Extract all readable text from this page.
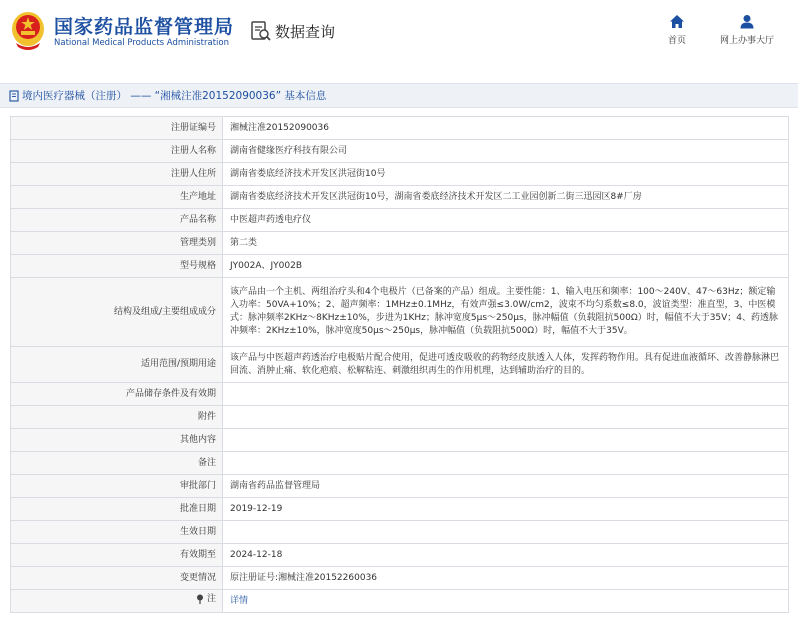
国家药品监督管理局
National Medical Products Administration
数据查询
首页	网上办事大厅
境内医疗器械（注册） —— “湘械注准20152090036” 基本信息
注册证编号	湘械注准20152090036
注册人名称	湖南省健缘医疗科技有限公司
注册人住所	湖南省娄底经济技术开发区洪冠街10号
生产地址	湖南省娄底经济技术开发区洪冠街10号，湖南省娄底经济技术开发区二工业园创新二街三迅园区8#厂房
产品名称	中医超声药透电疗仪
管理类别	第二类
型号规格	JY002A、JY002B
结构及组成/主要组成成分	该产品由一个主机、两组治疗头和4个电极片（已备案的产品）组成。主要性能：1、输入电压和频率：100～240V、47～63Hz；额定输入功率：50VA+10%；2、超声频率：1MHz±0.1MHz，有效声强≤3.0W/cm2，波束不均匀系数≤8.0，波谊类型：准直型，3、中医模式：脉冲频率2KHz～8KHz±10%，步进为1KHz；脉冲宽度5μs～250μs，脉冲幅值（负载阻抗500Ω）时，幅值不大于35V；4、药透脉冲频率：2KHz±10%，脉冲宽度50μs～250μs，脉冲幅值（负载阻抗500Ω）时，幅值不大于35V。
适用范围/预期用途	该产品与中医超声药透治疗电极贴片配合使用，促进可透皮吸收的药物经皮肤透入人体，发挥药物作用。具有促进血液循环、改善静脉淋巴回流、消肿止痛、软化疤痕、松解粘连、刺激组织再生的作用机理，达到辅助治疗的目的。
产品储存条件及有效期	
附件	
其他内容	
备注	
审批部门	湖南省药品监督管理局
批准日期	2019-12-19
生效日期	
有效期至	2024-12-18
变更情况	原注册证号:湘械注准20152260036

注	详情
